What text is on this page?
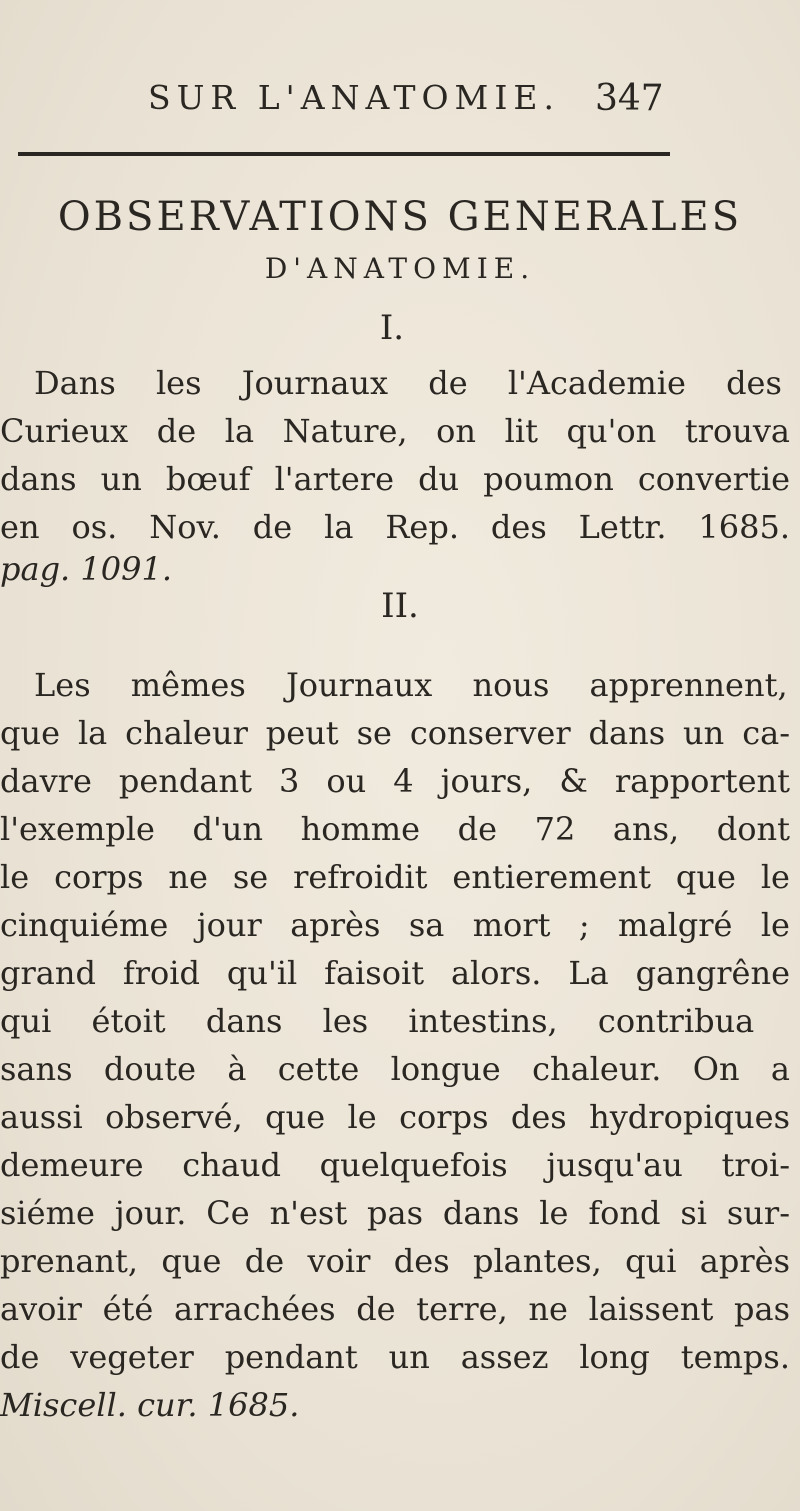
SUR L'ANATOMIE. 347
OBSERVATIONS GENERALES
D'ANATOMIE.
I.
Dans les Journaux de l'Academie des
Curieux de la Nature, on lit qu'on trouva
dans un bœuf l'artere du poumon convertie
en os. Nov. de la Rep. des Lettr. 1685.
pag. 1091.
II.
Les mêmes Journaux nous apprennent,
que la chaleur peut se conserver dans un ca-
davre pendant 3 ou 4 jours, & rapportent
l'exemple d'un homme de 72 ans, dont
le corps ne se refroidit entierement que le
cinquiéme jour après sa mort ; malgré le
grand froid qu'il faisoit alors. La gangrêne
qui étoit dans les intestins, contribua
sans doute à cette longue chaleur. On a
aussi observé, que le corps des hydropiques
demeure chaud quelquefois jusqu'au troi-
siéme jour. Ce n'est pas dans le fond si sur-
prenant, que de voir des plantes, qui après
avoir été arrachées de terre, ne laissent pas
de vegeter pendant un assez long temps.
Miscell. cur. 1685.
